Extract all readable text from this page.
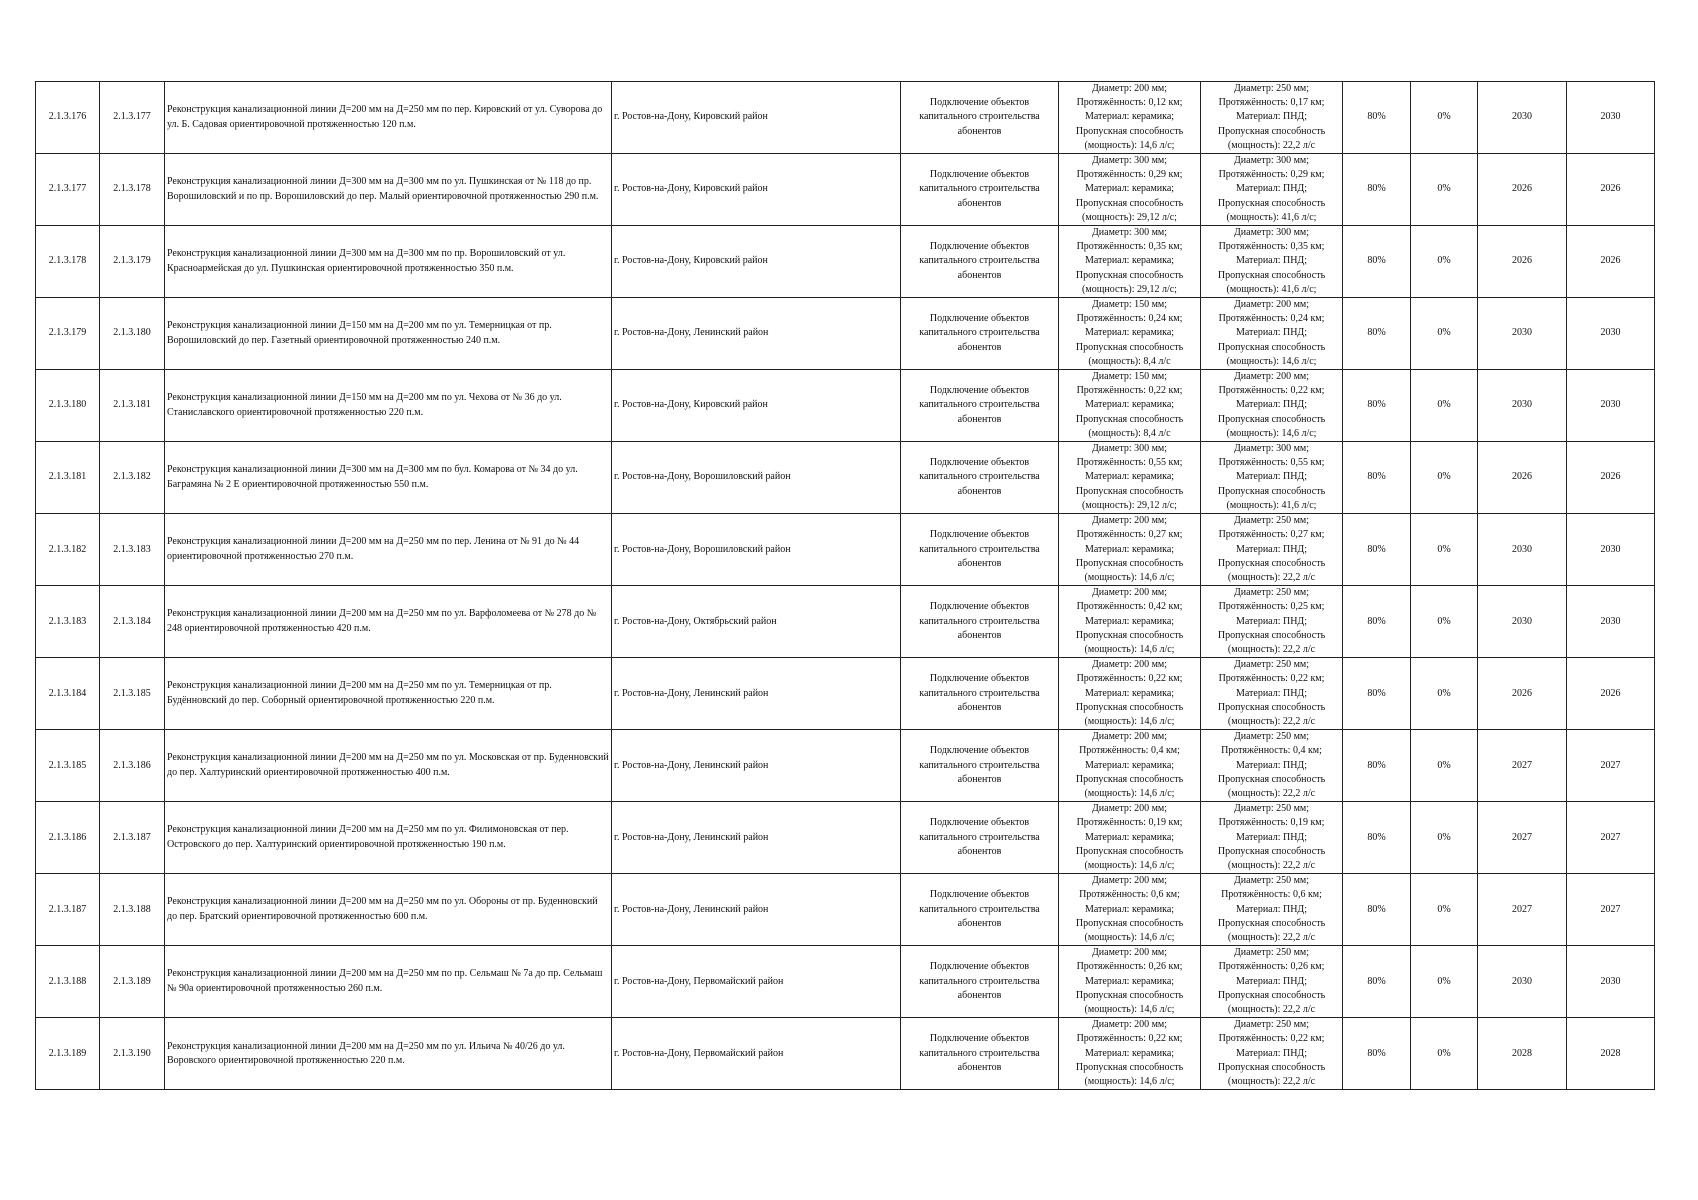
2.1.3.176	2.1.3.177	Реконструкция канализационной линии Д=200 мм на Д=250 мм по пер. Кировский от ул. Суворова до ул. Б. Садовая ориентировочной протяженностью 120 п.м.	г. Ростов-на-Дону, Кировский район	Подключение объектов капитального строительства абонентов	Диаметр: 200 мм;
Протяжённость: 0,12 км;
Материал: керамика;
Пропускная способность
(мощность): 14,6 л/с;	Диаметр: 250 мм;
Протяжённость: 0,17 км;
Материал: ПНД;
Пропускная способность
(мощность): 22,2 л/с	80%	0%	2030	2030
2.1.3.177	2.1.3.178	Реконструкция канализационной линии Д=300 мм на Д=300 мм по ул. Пушкинская от № 118 до пр. Ворошиловский и по пр. Ворошиловский до пер. Малый ориентировочной протяженностью 290 п.м.	г. Ростов-на-Дону, Кировский район	Подключение объектов капитального строительства абонентов	Диаметр: 300 мм;
Протяжённость: 0,29 км;
Материал: керамика;
Пропускная способность
(мощность): 29,12 л/с;	Диаметр: 300 мм;
Протяжённость: 0,29 км;
Материал: ПНД;
Пропускная способность
(мощность): 41,6 л/с;	80%	0%	2026	2026
2.1.3.178	2.1.3.179	Реконструкция канализационной линии Д=300 мм на Д=300 мм по пр. Ворошиловский от ул. Красноармейская до ул. Пушкинская ориентировочной протяженностью 350 п.м.	г. Ростов-на-Дону, Кировский район	Подключение объектов капитального строительства абонентов	Диаметр: 300 мм;
Протяжённость: 0,35 км;
Материал: керамика;
Пропускная способность
(мощность): 29,12 л/с;	Диаметр: 300 мм;
Протяжённость: 0,35 км;
Материал: ПНД;
Пропускная способность
(мощность): 41,6 л/с;	80%	0%	2026	2026
2.1.3.179	2.1.3.180	Реконструкция канализационной линии Д=150 мм на Д=200 мм по ул. Темерницкая от пр. Ворошиловский до пер. Газетный ориентировочной протяженностью 240 п.м.	г. Ростов-на-Дону, Ленинский район	Подключение объектов капитального строительства абонентов	Диаметр: 150 мм;
Протяжённость: 0,24 км;
Материал: керамика;
Пропускная способность
(мощность): 8,4 л/с	Диаметр: 200 мм;
Протяжённость: 0,24 км;
Материал: ПНД;
Пропускная способность
(мощность): 14,6 л/с;	80%	0%	2030	2030
2.1.3.180	2.1.3.181	Реконструкция канализационной линии Д=150 мм на Д=200 мм по ул. Чехова от № 36 до ул. Станиславского ориентировочной протяженностью 220 п.м.	г. Ростов-на-Дону, Кировский район	Подключение объектов капитального строительства абонентов	Диаметр: 150 мм;
Протяжённость: 0,22 км;
Материал: керамика;
Пропускная способность
(мощность): 8,4 л/с	Диаметр: 200 мм;
Протяжённость: 0,22 км;
Материал: ПНД;
Пропускная способность
(мощность): 14,6 л/с;	80%	0%	2030	2030
2.1.3.181	2.1.3.182	Реконструкция канализационной линии Д=300 мм на Д=300 мм по бул. Комарова от № 34 до ул. Баграмяна № 2 Е ориентировочной протяженностью 550 п.м.	г. Ростов-на-Дону, Ворошиловский район	Подключение объектов капитального строительства абонентов	Диаметр: 300 мм;
Протяжённость: 0,55 км;
Материал: керамика;
Пропускная способность
(мощность): 29,12 л/с;	Диаметр: 300 мм;
Протяжённость: 0,55 км;
Материал: ПНД;
Пропускная способность
(мощность): 41,6 л/с;	80%	0%	2026	2026
2.1.3.182	2.1.3.183	Реконструкция канализационной линии Д=200 мм на Д=250 мм по пер. Ленина от № 91 до № 44 ориентировочной протяженностью 270 п.м.	г. Ростов-на-Дону, Ворошиловский район	Подключение объектов капитального строительства абонентов	Диаметр: 200 мм;
Протяжённость: 0,27 км;
Материал: керамика;
Пропускная способность
(мощность): 14,6 л/с;	Диаметр: 250 мм;
Протяжённость: 0,27 км;
Материал: ПНД;
Пропускная способность
(мощность): 22,2 л/с	80%	0%	2030	2030
2.1.3.183	2.1.3.184	Реконструкция канализационной линии Д=200 мм на Д=250 мм по ул. Варфоломеева от № 278 до № 248 ориентировочной протяженностью 420 п.м.	г. Ростов-на-Дону, Октябрьский район	Подключение объектов капитального строительства абонентов	Диаметр: 200 мм;
Протяжённость: 0,42 км;
Материал: керамика;
Пропускная способность
(мощность): 14,6 л/с;	Диаметр: 250 мм;
Протяжённость: 0,25 км;
Материал: ПНД;
Пропускная способность
(мощность): 22,2 л/с	80%	0%	2030	2030
2.1.3.184	2.1.3.185	Реконструкция канализационной линии Д=200 мм на Д=250 мм по ул. Темерницкая от пр. Будённовский до пер. Соборный ориентировочной протяженностью 220 п.м.	г. Ростов-на-Дону, Ленинский район	Подключение объектов капитального строительства абонентов	Диаметр: 200 мм;
Протяжённость: 0,22 км;
Материал: керамика;
Пропускная способность
(мощность): 14,6 л/с;	Диаметр: 250 мм;
Протяжённость: 0,22 км;
Материал: ПНД;
Пропускная способность
(мощность): 22,2 л/с	80%	0%	2026	2026
2.1.3.185	2.1.3.186	Реконструкция канализационной линии Д=200 мм на Д=250 мм по ул. Московская от пр. Буденновский до пер. Халтуринский ориентировочной протяженностью 400 п.м.	г. Ростов-на-Дону, Ленинский район	Подключение объектов капитального строительства абонентов	Диаметр: 200 мм;
Протяжённость: 0,4 км;
Материал: керамика;
Пропускная способность
(мощность): 14,6 л/с;	Диаметр: 250 мм;
Протяжённость: 0,4 км;
Материал: ПНД;
Пропускная способность
(мощность): 22,2 л/с	80%	0%	2027	2027
2.1.3.186	2.1.3.187	Реконструкция канализационной линии Д=200 мм на Д=250 мм по ул. Филимоновская от пер. Островского до пер. Халтуринский ориентировочной протяженностью 190 п.м.	г. Ростов-на-Дону, Ленинский район	Подключение объектов капитального строительства абонентов	Диаметр: 200 мм;
Протяжённость: 0,19 км;
Материал: керамика;
Пропускная способность
(мощность): 14,6 л/с;	Диаметр: 250 мм;
Протяжённость: 0,19 км;
Материал: ПНД;
Пропускная способность
(мощность): 22,2 л/с	80%	0%	2027	2027
2.1.3.187	2.1.3.188	Реконструкция канализационной линии Д=200 мм на Д=250 мм по ул. Обороны от пр. Буденновский до пер. Братский ориентировочной протяженностью 600 п.м.	г. Ростов-на-Дону, Ленинский район	Подключение объектов капитального строительства абонентов	Диаметр: 200 мм;
Протяжённость: 0,6 км;
Материал: керамика;
Пропускная способность
(мощность): 14,6 л/с;	Диаметр: 250 мм;
Протяжённость: 0,6 км;
Материал: ПНД;
Пропускная способность
(мощность): 22,2 л/с	80%	0%	2027	2027
2.1.3.188	2.1.3.189	Реконструкция канализационной линии Д=200 мм на Д=250 мм по пр. Сельмаш № 7а до пр. Сельмаш № 90а ориентировочной протяженностью 260 п.м.	г. Ростов-на-Дону, Первомайский район	Подключение объектов капитального строительства абонентов	Диаметр: 200 мм;
Протяжённость: 0,26 км;
Материал: керамика;
Пропускная способность
(мощность): 14,6 л/с;	Диаметр: 250 мм;
Протяжённость: 0,26 км;
Материал: ПНД;
Пропускная способность
(мощность): 22,2 л/с	80%	0%	2030	2030
2.1.3.189	2.1.3.190	Реконструкция канализационной линии Д=200 мм на Д=250 мм по ул. Ильича № 40/26 до ул. Воровского ориентировочной протяженностью 220 п.м.	г. Ростов-на-Дону, Первомайский район	Подключение объектов капитального строительства абонентов	Диаметр: 200 мм;
Протяжённость: 0,22 км;
Материал: керамика;
Пропускная способность
(мощность): 14,6 л/с;	Диаметр: 250 мм;
Протяжённость: 0,22 км;
Материал: ПНД;
Пропускная способность
(мощность): 22,2 л/с	80%	0%	2028	2028
